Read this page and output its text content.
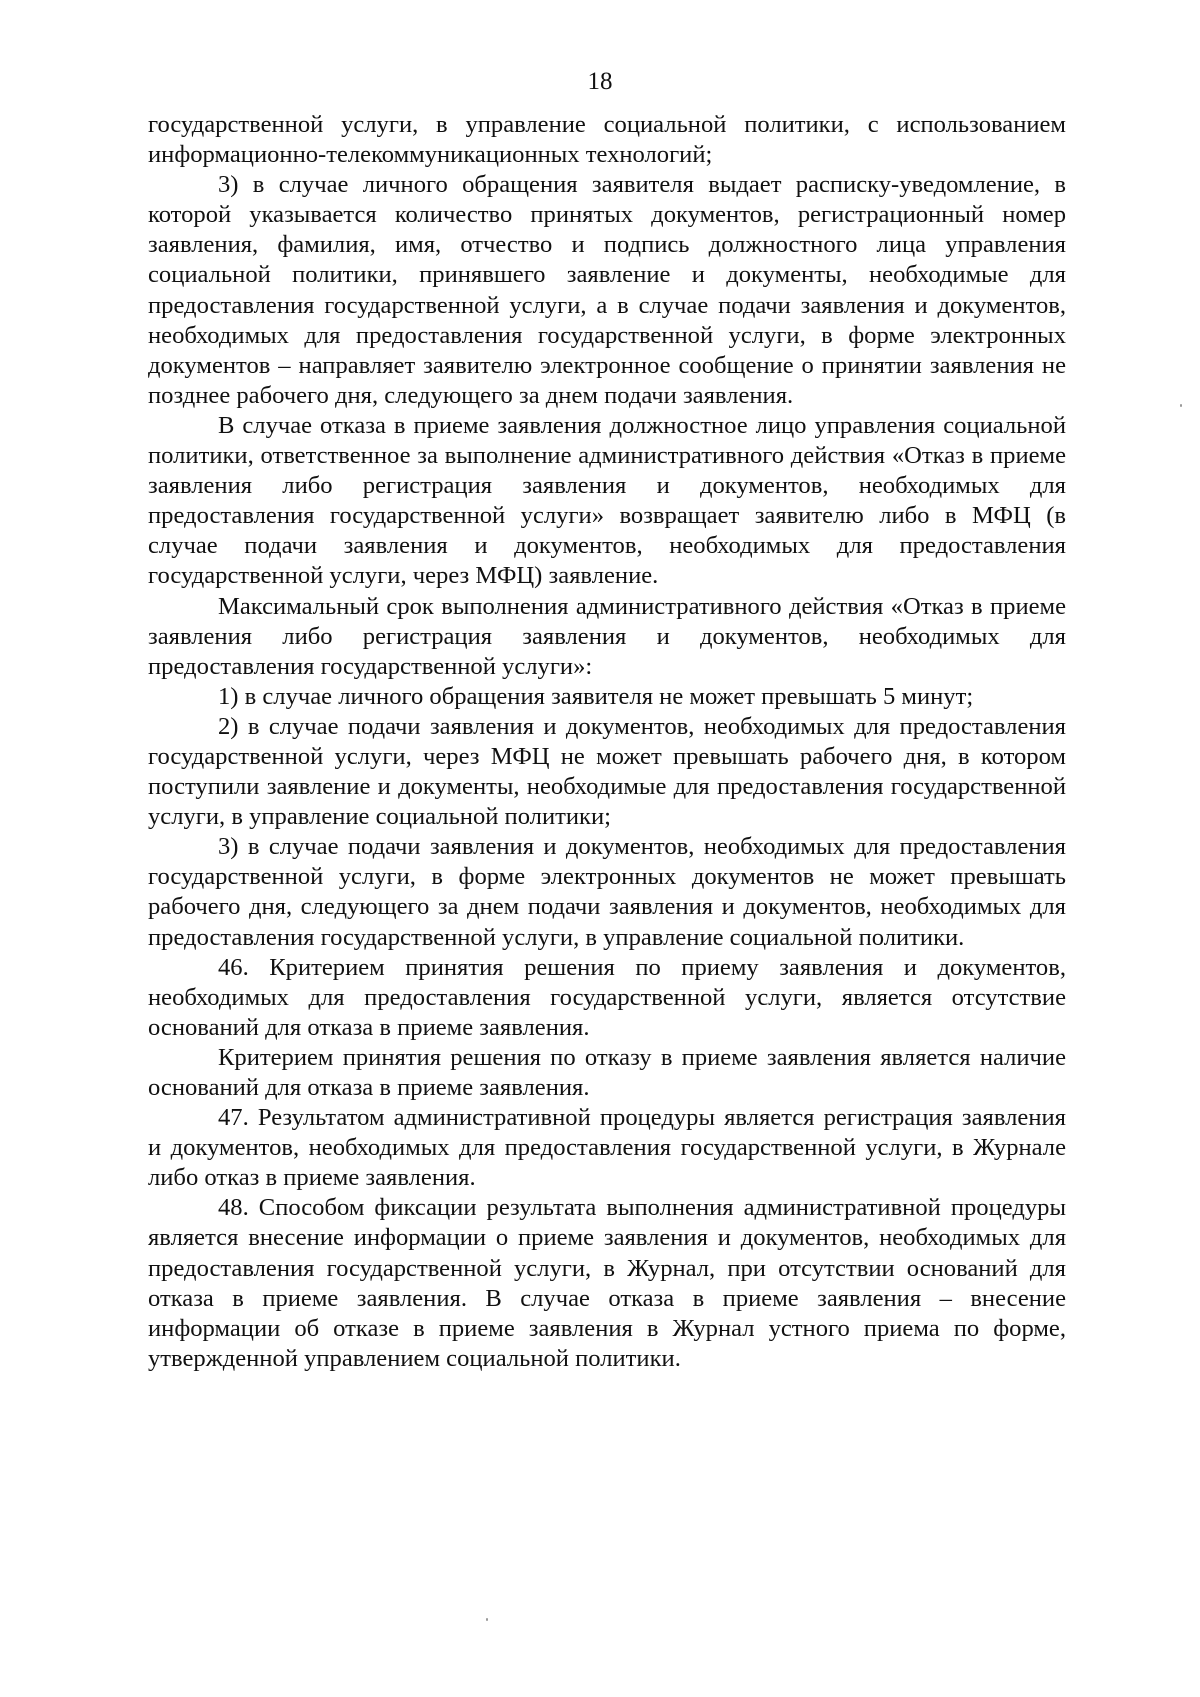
18

государственной услуги, в управление социальной политики, с использованием информационно-телекоммуникационных технологий;

3) в случае личного обращения заявителя выдает расписку-уведомление, в которой указывается количество принятых документов, регистрационный номер заявления, фамилия, имя, отчество и подпись должностного лица управления социальной политики, принявшего заявление и документы, необходимые для предоставления государственной услуги, а в случае подачи заявления и документов, необходимых для предоставления государственной услуги, в форме электронных документов – направляет заявителю электронное сообщение о принятии заявления не позднее рабочего дня, следующего за днем подачи заявления.

В случае отказа в приеме заявления должностное лицо управления социальной политики, ответственное за выполнение административного действия «Отказ в приеме заявления либо регистрация заявления и документов, необходимых для предоставления государственной услуги» возвращает заявителю либо в МФЦ (в случае подачи заявления и документов, необходимых для предоставления государственной услуги, через МФЦ) заявление.

Максимальный срок выполнения административного действия «Отказ в приеме заявления либо регистрация заявления и документов, необходимых для предоставления государственной услуги»:

1) в случае личного обращения заявителя не может превышать 5 минут;

2) в случае подачи заявления и документов, необходимых для предоставления государственной услуги, через МФЦ не может превышать рабочего дня, в котором поступили заявление и документы, необходимые для предоставления государственной услуги, в управление социальной политики;

3) в случае подачи заявления и документов, необходимых для предоставления государственной услуги, в форме электронных документов не может превышать рабочего дня, следующего за днем подачи заявления и документов, необходимых для предоставления государственной услуги, в управление социальной политики.

46. Критерием принятия решения по приему заявления и документов, необходимых для предоставления государственной услуги, является отсутствие оснований для отказа в приеме заявления.

Критерием принятия решения по отказу в приеме заявления является наличие оснований для отказа в приеме заявления.

47. Результатом административной процедуры является регистрация заявления и документов, необходимых для предоставления государственной услуги, в Журнале либо отказ в приеме заявления.

48. Способом фиксации результата выполнения административной процедуры является внесение информации о приеме заявления и документов, необходимых для предоставления государственной услуги, в Журнал, при отсутствии оснований для отказа в приеме заявления. В случае отказа в приеме заявления – внесение информации об отказе в приеме заявления в Журнал устного приема по форме, утвержденной управлением социальной политики.
